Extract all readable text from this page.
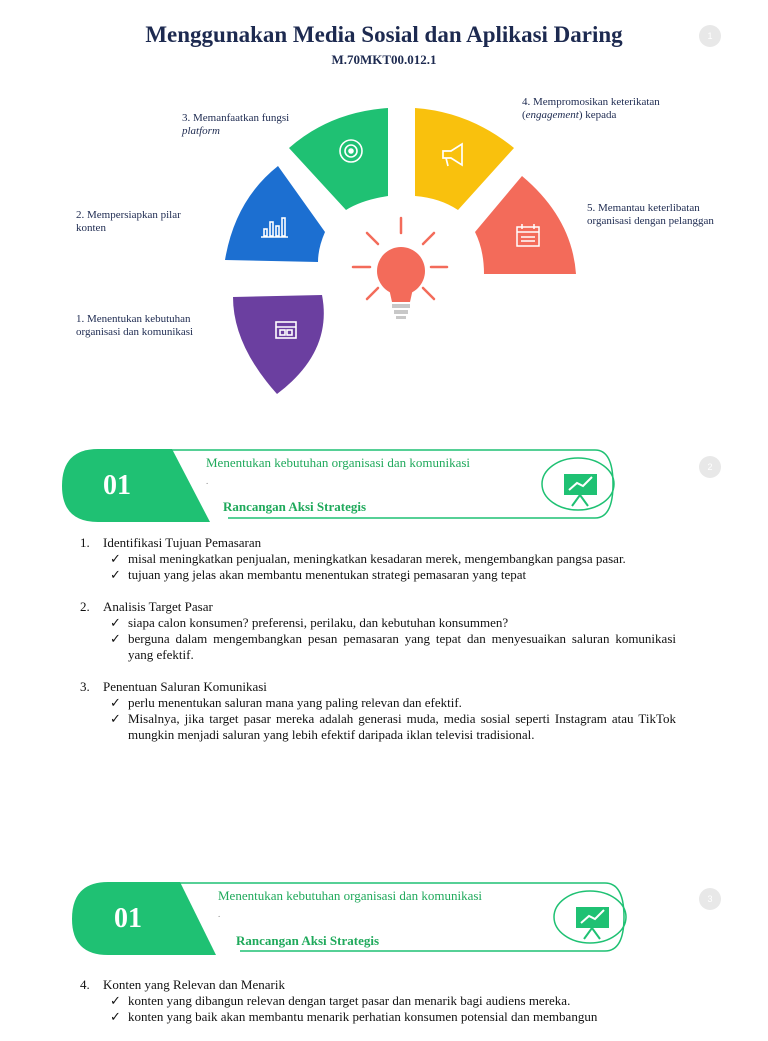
Menggunakan Media Sosial dan Aplikasi Daring
M.70MKT00.012.1
1
1. Menentukan kebutuhan organisasi dan komunikasi
2. Mempersiapkan pilar konten
3. Memanfaatkan fungsi
platform
4. Mempromosikan keterikatan (engagement) kepada
5. Memantau keterlibatan organisasi dengan pelanggan
01
Menentukan kebutuhan organisasi dan komunikasi
.
Rancangan Aksi Strategis
2
1. Identifikasi Tujuan Pemasaran
✓ misal meningkatkan penjualan, meningkatkan kesadaran merek, mengembangkan pangsa pasar.
✓ tujuan yang jelas akan membantu menentukan strategi pemasaran yang tepat
2. Analisis Target Pasar
✓ siapa calon konsumen? preferensi, perilaku, dan kebutuhan konsummen?
✓ berguna dalam mengembangkan pesan pemasaran yang tepat dan menyesuaikan saluran komunikasi yang efektif.
3. Penentuan Saluran Komunikasi
✓ perlu menentukan saluran mana yang paling relevan dan efektif.
✓ Misalnya, jika target pasar mereka adalah generasi muda, media sosial seperti Instagram atau TikTok mungkin menjadi saluran yang lebih efektif daripada iklan televisi tradisional.
01
Menentukan kebutuhan organisasi dan komunikasi
.
Rancangan Aksi Strategis
3
4. Konten yang Relevan dan Menarik
✓ konten yang dibangun relevan dengan target pasar dan menarik bagi audiens mereka.
✓ konten yang baik akan membantu menarik perhatian konsumen potensial dan membangun
